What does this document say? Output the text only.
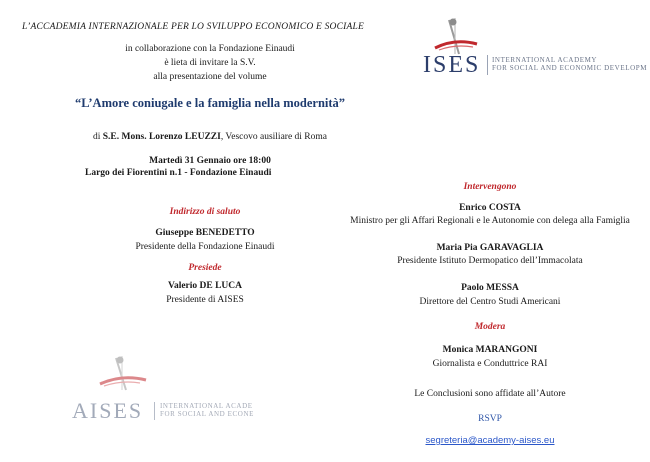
L’ACCADEMIA INTERNAZIONALE PER LO SVILUPPO ECONOMICO E SOCIALE
in collaborazione con la Fondazione Einaudi
è lieta di invitare la S.V.
alla presentazione del volume
“L’Amore coniugale e la famiglia nella modernità”
di S.E. Mons. Lorenzo LEUZZI, Vescovo ausiliare di Roma
Martedì 31 Gennaio ore 18:00
Largo dei Fiorentini n.1 - Fondazione Einaudi
Indirizzo di saluto
Giuseppe BENEDETTO
Presidente della Fondazione Einaudi
Presiede
Valerio DE LUCA
Presidente di AISES
Intervengono
Enrico COSTA
Ministro per gli Affari Regionali e le Autonomie con delega alla Famiglia
Maria Pia GARAVAGLIA
Presidente Istituto Dermopatico dell’Immacolata
Paolo MESSA
Direttore del Centro Studi Americani
Modera
Monica MARANGONI
Giornalista e Conduttrice RAI
Le Conclusioni sono affidate all’Autore
RSVP
segreteria@academy-aises.eu
ISES INTERNATIONAL ACADEMY
FOR SOCIAL AND ECONOMIC DEVELOPM
AISES INTERNATIONAL ACADE
FOR SOCIAL AND ECONE
